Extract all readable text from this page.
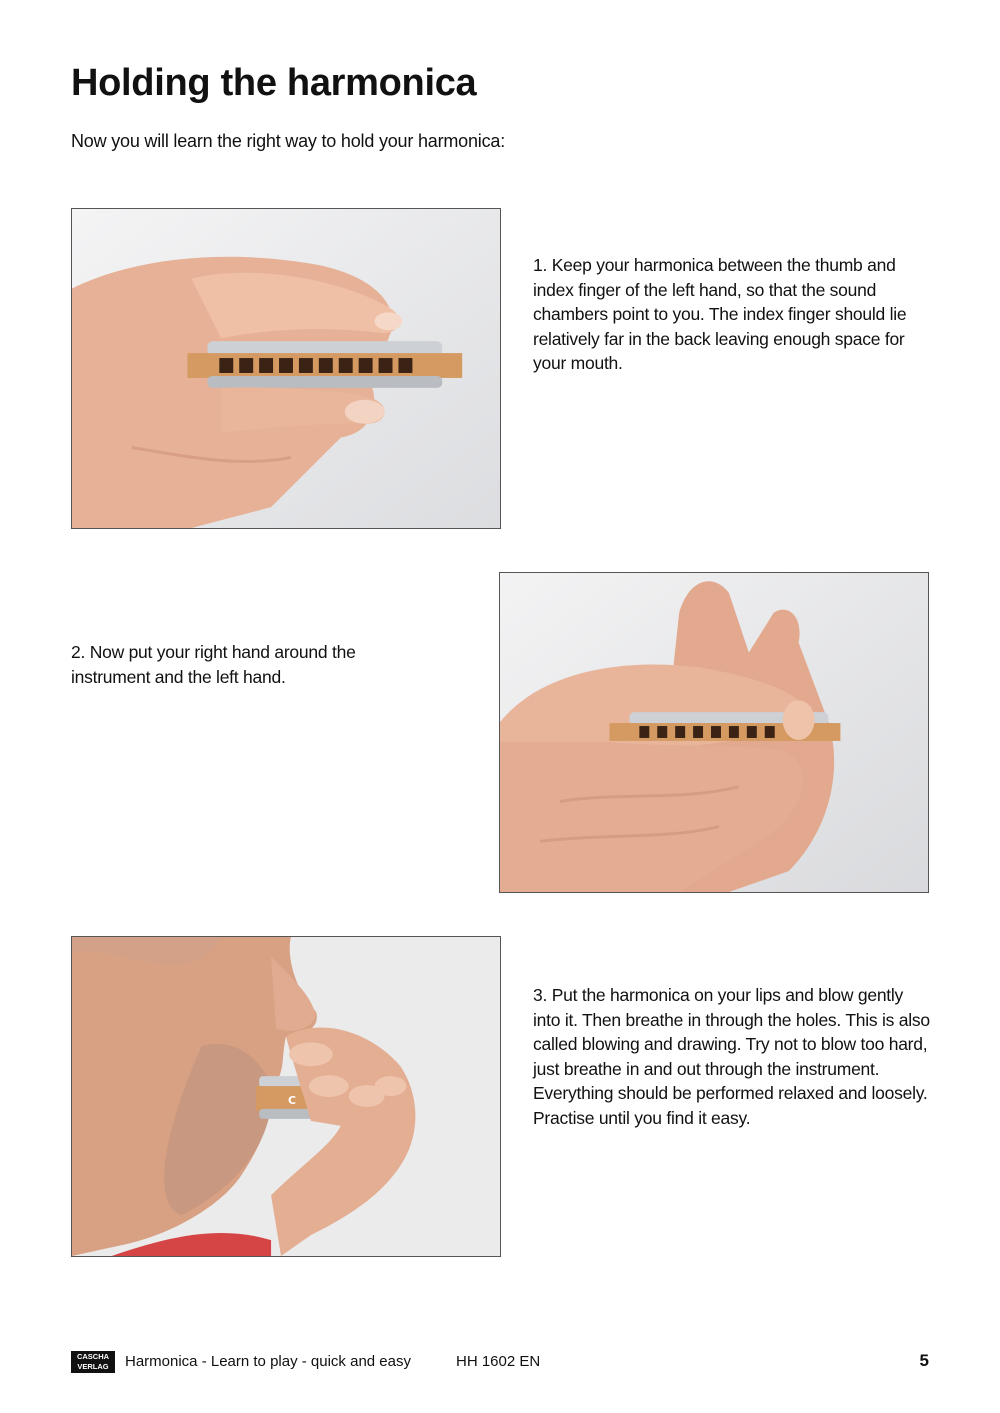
Holding the harmonica

Now you will learn the right way to hold your harmonica:

1. Keep your harmonica between the thumb and index finger of the left hand, so that the sound chambers point to you. The index finger should lie relatively far in the back leaving enough space for your mouth.

2. Now put your right hand around the instrument and the left hand.

C

3. Put the harmonica on your lips and blow gently into it. Then breathe in through the holes. This is also called blowing and drawing. Try not to blow too hard, just breathe in and out through the instrument. Everything should be performed relaxed and loosely. Practise until you find it easy.

CASCHA
VERLAG	Harmonica - Learn to play - quick and easy	HH 1602 EN	5
